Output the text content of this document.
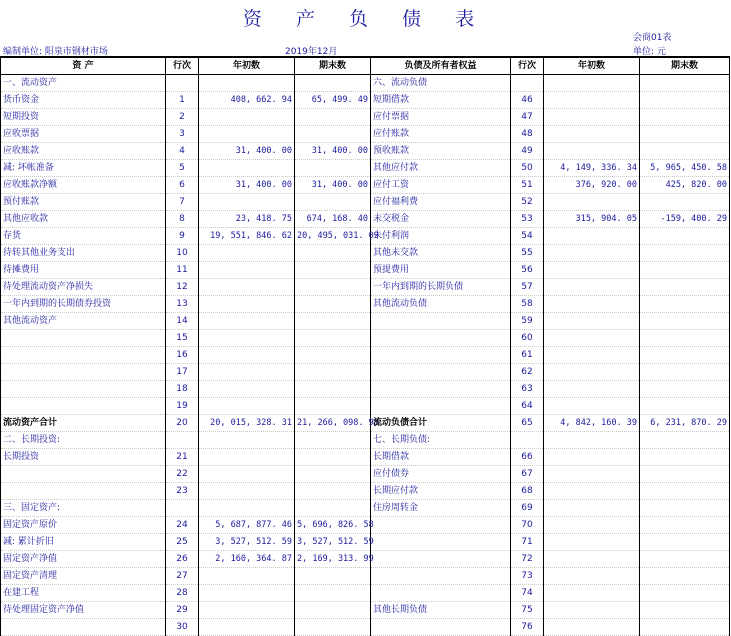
资 产 负 债 表
会商01表
编制单位: 阳泉市钢材市场	2019年12月	单位: 元
资 产	行次	年初数	期末数	负债及所有者权益	行次	年初数	期末数
一、流动资产				六、流动负债			
货币资金	1	408, 662. 94	65, 499. 49	短期借款	46		
短期投资	2			应付票据	47		
应收票据	3			应付账款	48		
应收账款	4	31, 400. 00	31, 400. 00	预收账款	49		
减: 坏帐准备	5			其他应付款	50	4, 149, 336. 34	5, 965, 450. 58
应收账款净额	6	31, 400. 00	31, 400. 00	应付工资	51	376, 920. 00	425, 820. 00
预付账款	7			应付福利费	52		
其他应收款	8	23, 418. 75	674, 168. 40	未交税金	53	315, 904. 05	-159, 400. 29
存货	9	19, 551, 846. 62	20, 495, 031. 09	未付利润	54		
待转其他业务支出	10			其他未交款	55		
待摊费用	11			预提费用	56		
待处理流动资产净损失	12			一年内到期的长期负债	57		
一年内到期的长期债券投资	13			其他流动负债	58		
其他流动资产	14				59		
	15				60		
	16				61		
	17				62		
	18				63		
	19				64		
流动资产合计	20	20, 015, 328. 31	21, 266, 098. 98	流动负债合计	65	4, 842, 160. 39	6, 231, 870. 29
二、长期投资:				七、长期负债:			
长期投资	21			长期借款	66		
	22			应付债券	67		
	23			长期应付款	68		
三、固定资产:				住房周转金	69		
固定资产原价	24	5, 687, 877. 46	5, 696, 826. 58		70		
减: 累计折旧	25	3, 527, 512. 59	3, 527, 512. 59		71		
固定资产净值	26	2, 160, 364. 87	2, 169, 313. 99		72		
固定资产清理	27				73		
在建工程	28				74		
待处理固定资产净值	29			其他长期负债	75		
	30				76		
